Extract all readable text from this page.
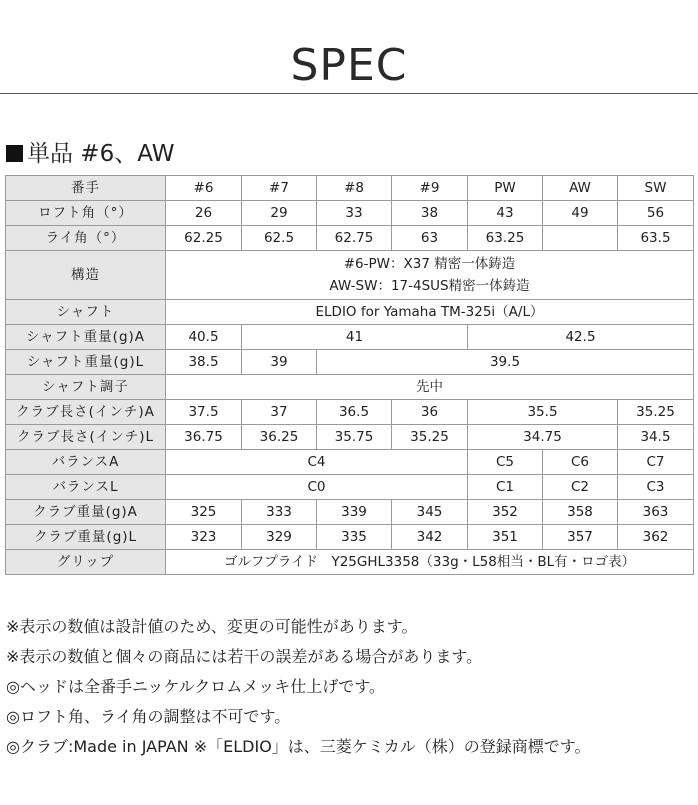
SPEC
単品 #6、AW
番手	#6	#7	#8	#9	PW	AW	SW
ロフト角（°）	26	29	33	38	43	49	56
ライ角（°）	62.25	62.5	62.75	63	63.25		63.5
構造	#6-PW：X37 精密一体鋳造
AW-SW：17-4SUS精密一体鋳造						

シャフト	ELDIO for Yamaha TM-325i（A/L）						
シャフト重量(g)A	40.5	41			42.5		
シャフト重量(g)L	38.5	39	39.5				
シャフト調子	先中						
クラブ長さ(インチ)A	37.5	37	36.5	36	35.5		35.25
クラブ長さ(インチ)L	36.75	36.25	35.75	35.25	34.75		34.5
バランスA	C4				C5	C6	C7
バランスL	C0				C1	C2	C3
クラブ重量(g)A	325	333	339	345	352	358	363
クラブ重量(g)L	323	329	335	342	351	357	362
グリップ	ゴルフプライド　Y25GHL3358（33g・L58相当・BL有・ロゴ表）						
※表示の数値は設計値のため、変更の可能性があります。
※表示の数値と個々の商品には若干の誤差がある場合があります。
◎ヘッドは全番手ニッケルクロムメッキ仕上げです。
◎ロフト角、ライ角の調整は不可です。
◎クラブ:Made in JAPAN ※「ELDIO」は、三菱ケミカル（株）の登録商標です。
